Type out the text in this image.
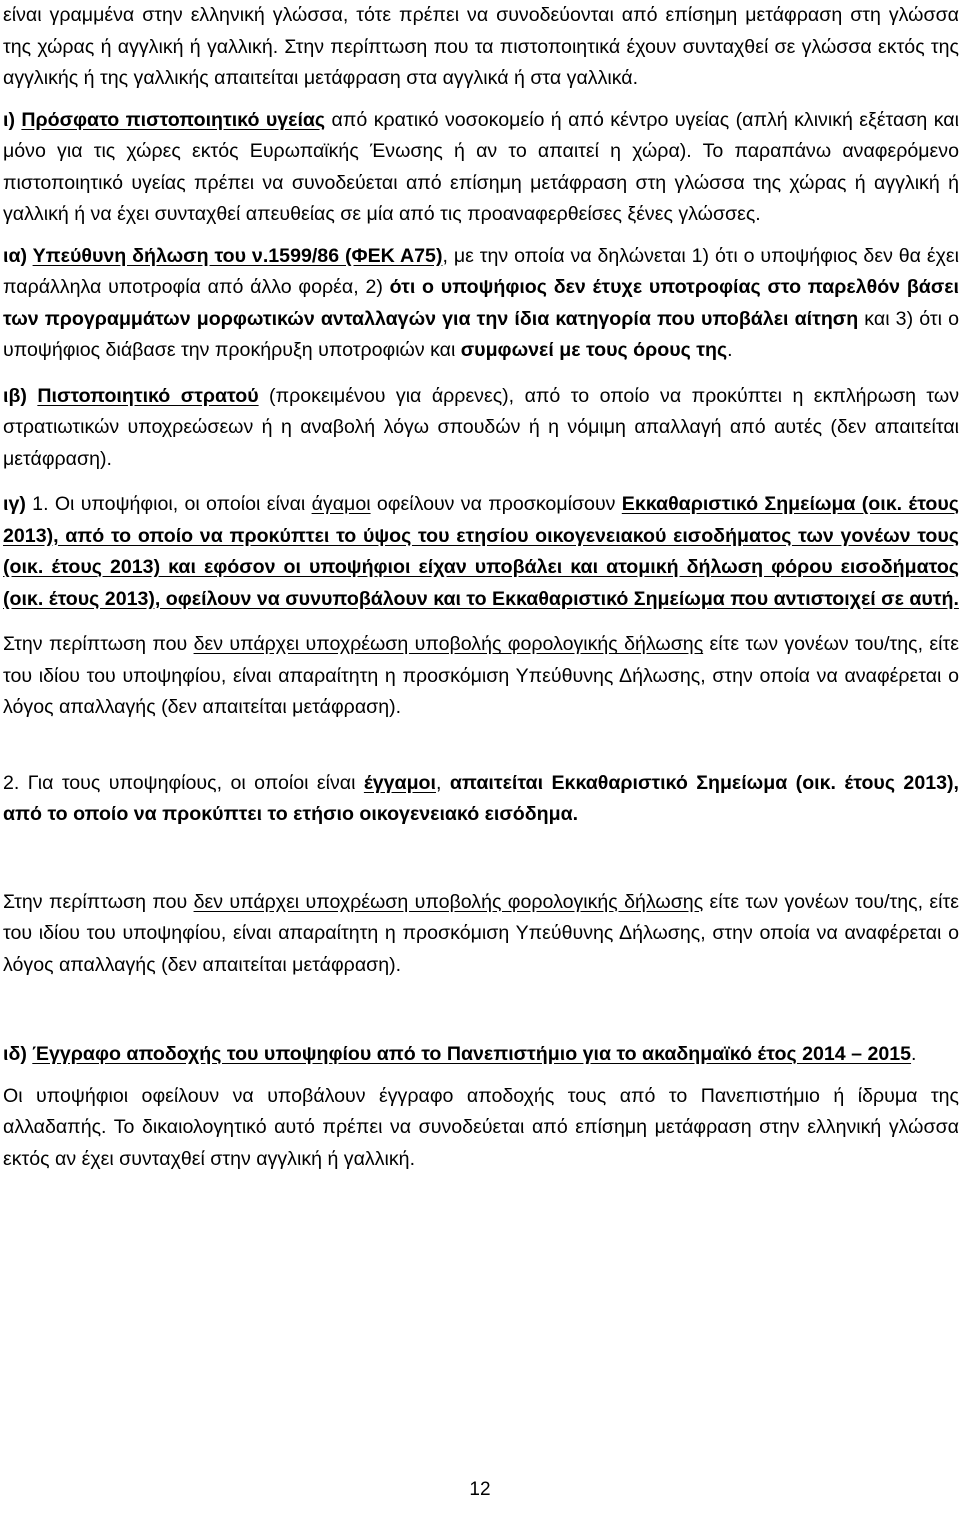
είναι γραμμένα στην ελληνική γλώσσα, τότε πρέπει να συνοδεύονται από επίσημη μετάφραση στη γλώσσα της χώρας ή αγγλική ή γαλλική. Στην περίπτωση που τα πιστοποιητικά έχουν συνταχθεί σε γλώσσα εκτός της αγγλικής ή της γαλλικής απαιτείται μετάφραση στα αγγλικά ή στα γαλλικά.

ι) Πρόσφατο πιστοποιητικό υγείας από κρατικό νοσοκομείο ή από κέντρο υγείας (απλή κλινική εξέταση και μόνο για τις χώρες εκτός Ευρωπαϊκής Ένωσης ή αν το απαιτεί η χώρα). Το παραπάνω αναφερόμενο πιστοποιητικό υγείας πρέπει να συνοδεύεται από επίσημη μετάφραση στη γλώσσα της χώρας ή αγγλική ή γαλλική ή να έχει συνταχθεί απευθείας σε μία από τις προαναφερθείσες ξένες γλώσσες.

ια) Υπεύθυνη δήλωση του ν.1599/86 (ΦΕΚ Α75), με την οποία να δηλώνεται 1) ότι ο υποψήφιος δεν θα έχει παράλληλα υποτροφία από άλλο φορέα, 2) ότι ο υποψήφιος δεν έτυχε υποτροφίας στο παρελθόν βάσει των προγραμμάτων μορφωτικών ανταλλαγών για την ίδια κατηγορία που υποβάλει αίτηση και 3) ότι ο υποψήφιος διάβασε την προκήρυξη υποτροφιών και συμφωνεί με τους όρους της.

ιβ) Πιστοποιητικό στρατού (προκειμένου για άρρενες), από το οποίο να προκύπτει η εκπλήρωση των στρατιωτικών υποχρεώσεων ή η αναβολή λόγω σπουδών ή η νόμιμη απαλλαγή από αυτές (δεν απαιτείται μετάφραση).

ιγ) 1. Οι υποψήφιοι, οι οποίοι είναι άγαμοι οφείλουν να προσκομίσουν Εκκαθαριστικό Σημείωμα (οικ. έτους 2013), από το οποίο να προκύπτει το ύψος του ετησίου οικογενειακού εισοδήματος των γονέων τους (οικ. έτους 2013) και εφόσον οι υποψήφιοι είχαν υποβάλει και ατομική δήλωση φόρου εισοδήματος (οικ. έτους 2013), οφείλουν να συνυποβάλουν και το Εκκαθαριστικό Σημείωμα που αντιστοιχεί σε αυτή.

Στην περίπτωση που δεν υπάρχει υποχρέωση υποβολής φορολογικής δήλωσης είτε των γονέων του/της, είτε του ιδίου του υποψηφίου, είναι απαραίτητη η προσκόμιση Υπεύθυνης Δήλωσης, στην οποία να αναφέρεται ο λόγος απαλλαγής (δεν απαιτείται μετάφραση).

2. Για τους υποψηφίους, οι οποίοι είναι έγγαμοι, απαιτείται Εκκαθαριστικό Σημείωμα (οικ. έτους 2013), από το οποίο να προκύπτει το ετήσιο οικογενειακό εισόδημα.

Στην περίπτωση που δεν υπάρχει υποχρέωση υποβολής φορολογικής δήλωσης είτε των γονέων του/της, είτε του ιδίου του υποψηφίου, είναι απαραίτητη η προσκόμιση Υπεύθυνης Δήλωσης, στην οποία να αναφέρεται ο λόγος απαλλαγής (δεν απαιτείται μετάφραση).

ιδ) Έγγραφο αποδοχής του υποψηφίου από το Πανεπιστήμιο για το ακαδημαϊκό έτος 2014 – 2015.

Οι υποψήφιοι οφείλουν να υποβάλουν έγγραφο αποδοχής τους από το Πανεπιστήμιο ή ίδρυμα της αλλαδαπής. Το δικαιολογητικό αυτό πρέπει να συνοδεύεται από επίσημη μετάφραση στην ελληνική γλώσσα εκτός αν έχει συνταχθεί στην αγγλική ή γαλλική.

12
